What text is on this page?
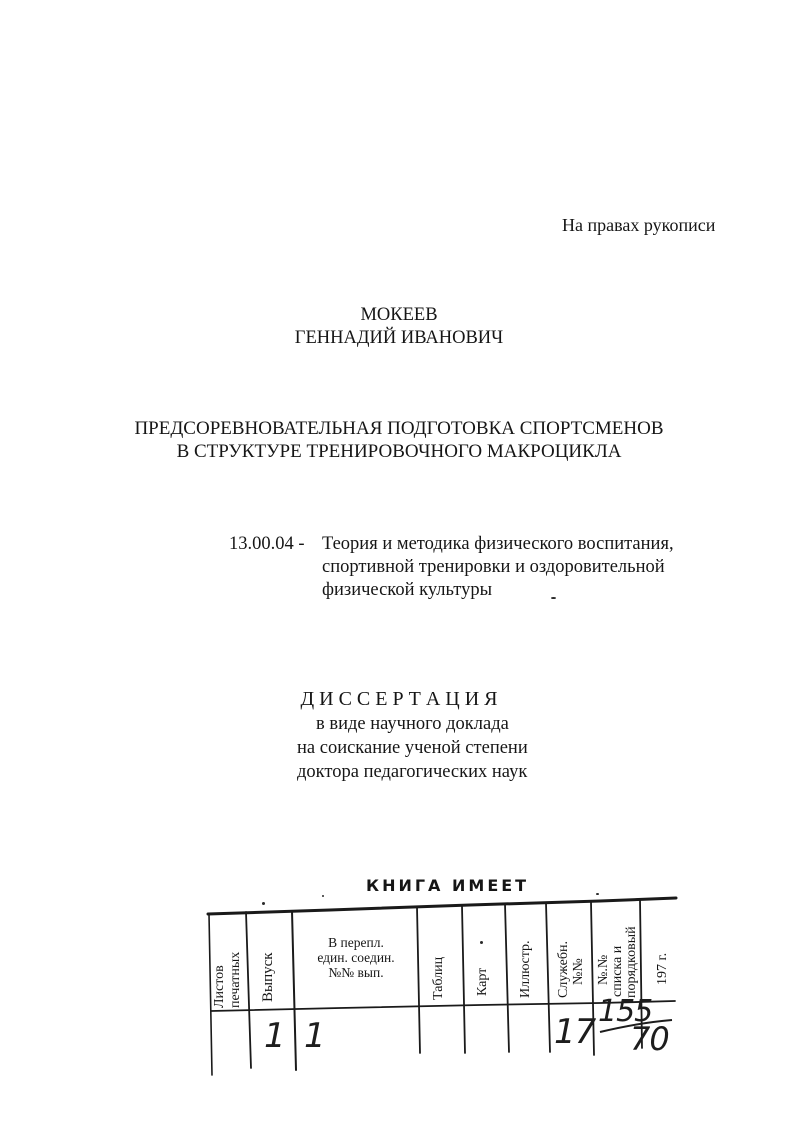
На правах рукописи
МОКЕЕВ
ГЕННАДИЙ ИВАНОВИЧ
ПРЕДСОРЕВНОВАТЕЛЬНАЯ ПОДГОТОВКА СПОРТСМЕНОВ
В СТРУКТУРЕ ТРЕНИРОВОЧНОГО МАКРОЦИКЛА
13.00.04 - Теория и методика физического воспитания,
спортивной тренировки и оздоровительной
физической культуры
Д И С С Е Р Т А Ц И Я
в виде научного доклада
на соискание ученой степени
доктора педагогических наук
КНИГА ИМЕЕТ
Листов печатных Выпуск
В перепл.
един. соедин.
№№ вып.	Таблиц Карт Иллюстр. Служебн. №№ №.№ списка и порядковый 197 г.
1 1	17
155
70
